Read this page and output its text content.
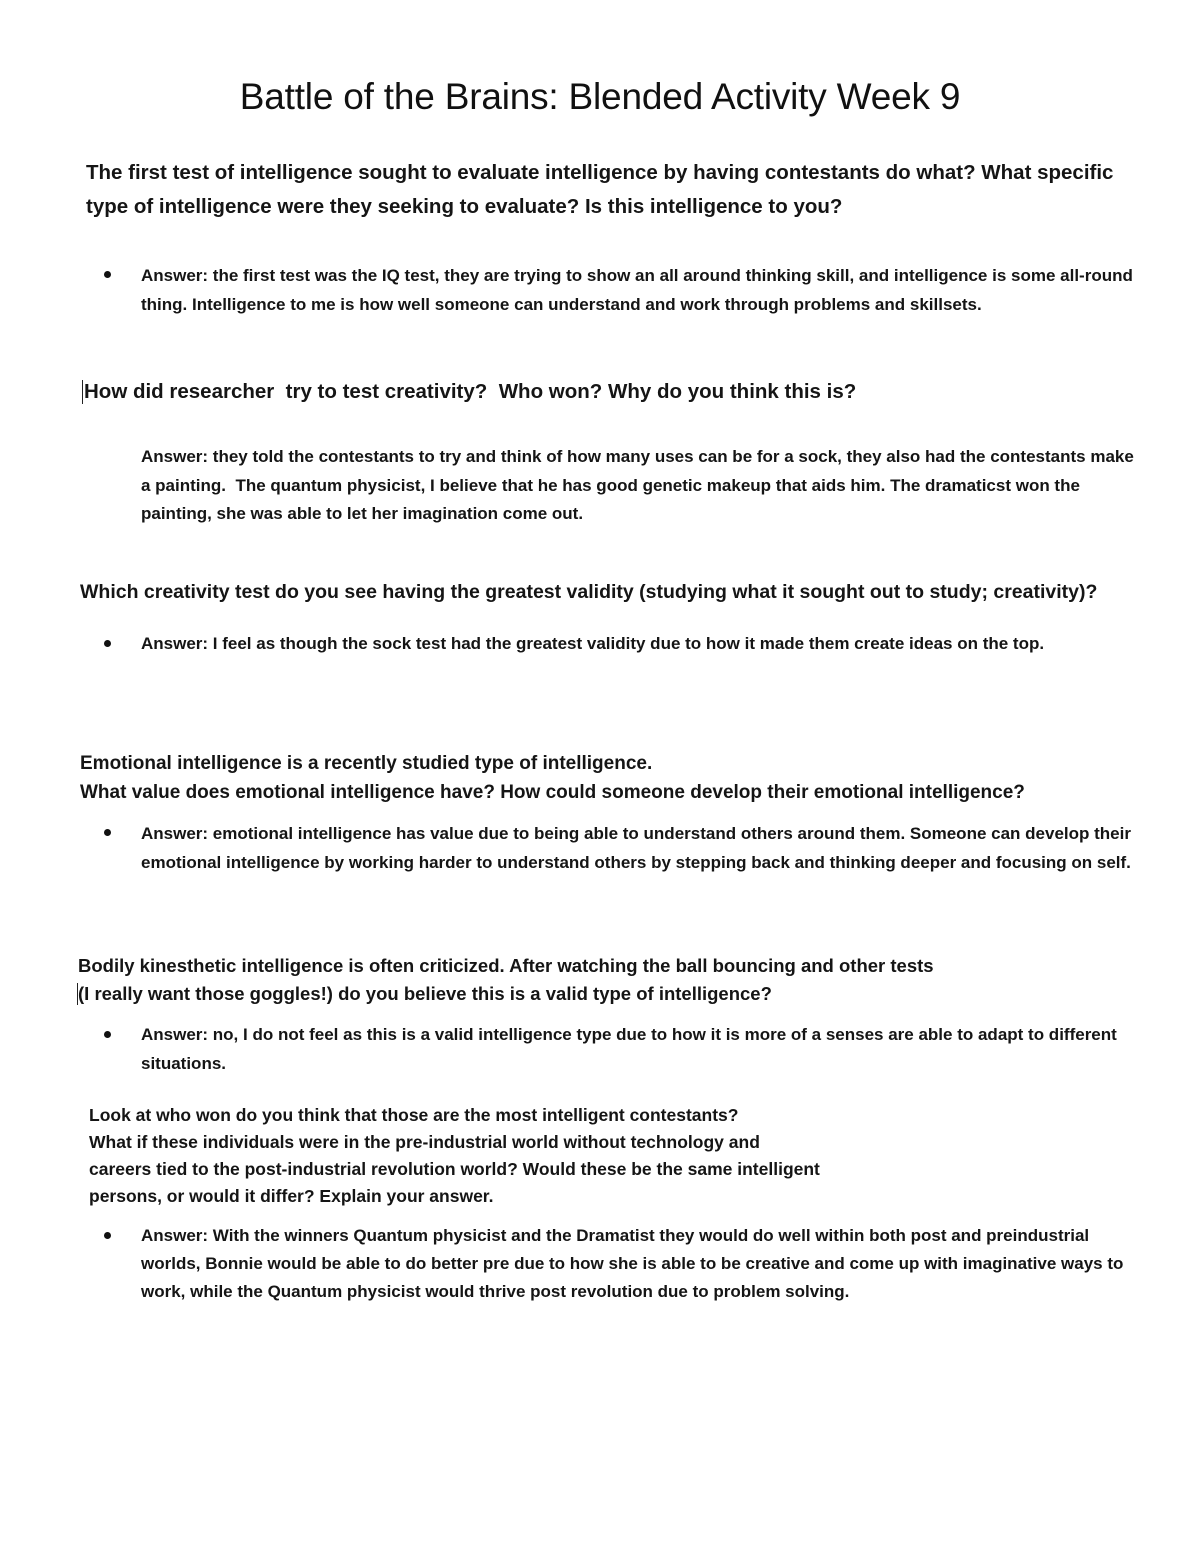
Battle of the Brains: Blended Activity Week 9
The first test of intelligence sought to evaluate intelligence by having contestants do what? What specific type of intelligence were they seeking to evaluate? Is this intelligence to you?
Answer: the first test was the IQ test, they are trying to show an all around thinking skill, and intelligence is some all-round thing. Intelligence to me is how well someone can understand and work through problems and skillsets.
How did researcher  try to test creativity?  Who won? Why do you think this is?
Answer: they told the contestants to try and think of how many uses can be for a sock, they also had the contestants make a painting.  The quantum physicist, I believe that he has good genetic makeup that aids him. The dramaticst won the painting, she was able to let her imagination come out.
Which creativity test do you see having the greatest validity (studying what it sought out to study; creativity)?
Answer: I feel as though the sock test had the greatest validity due to how it made them create ideas on the top.
Emotional intelligence is a recently studied type of intelligence.
What value does emotional intelligence have? How could someone develop their emotional intelligence?
Answer: emotional intelligence has value due to being able to understand others around them. Someone can develop their emotional intelligence by working harder to understand others by stepping back and thinking deeper and focusing on self.
Bodily kinesthetic intelligence is often criticized. After watching the ball bouncing and other tests
(I really want those goggles!) do you believe this is a valid type of intelligence?
Answer: no, I do not feel as this is a valid intelligence type due to how it is more of a senses are able to adapt to different situations.
Look at who won do you think that those are the most intelligent contestants?
What if these individuals were in the pre-industrial world without technology and
careers tied to the post-industrial revolution world? Would these be the same intelligent
persons, or would it differ? Explain your answer.
Answer: With the winners Quantum physicist and the Dramatist they would do well within both post and preindustrial worlds, Bonnie would be able to do better pre due to how she is able to be creative and come up with imaginative ways to work, while the Quantum physicist would thrive post revolution due to problem solving.
